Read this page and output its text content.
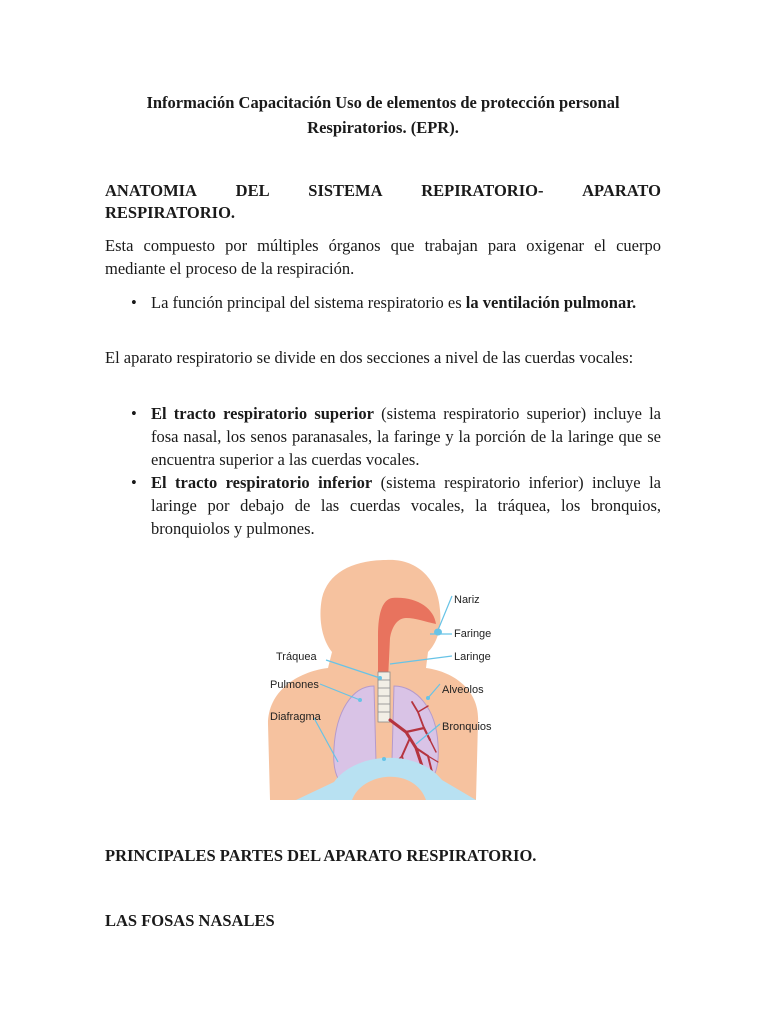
Información Capacitación Uso de elementos de protección personal
Respiratorios. (EPR).
ANATOMIA DEL SISTEMA REPIRATORIO- APARATO
RESPIRATORIO.

Esta compuesto por múltiples órganos que trabajan para oxigenar el cuerpo mediante el proceso de la respiración.

• La función principal del sistema respiratorio es la ventilación pulmonar.

El aparato respiratorio se divide en dos secciones a nivel de las cuerdas vocales:

• El tracto respiratorio superior (sistema respiratorio superior) incluye la fosa nasal, los senos paranasales, la faringe y la porción de la laringe que se encuentra superior a las cuerdas vocales.
• El tracto respiratorio inferior (sistema respiratorio inferior) incluye la laringe por debajo de las cuerdas vocales, la tráquea, los bronquios, bronquiolos y pulmones.
PRINCIPALES PARTES DEL APARATO RESPIRATORIO.
LAS FOSAS NASALES
Nariz
Faringe
Laringe
Tráquea
Pulmones	Alveolos
Diafragma
Bronquios
